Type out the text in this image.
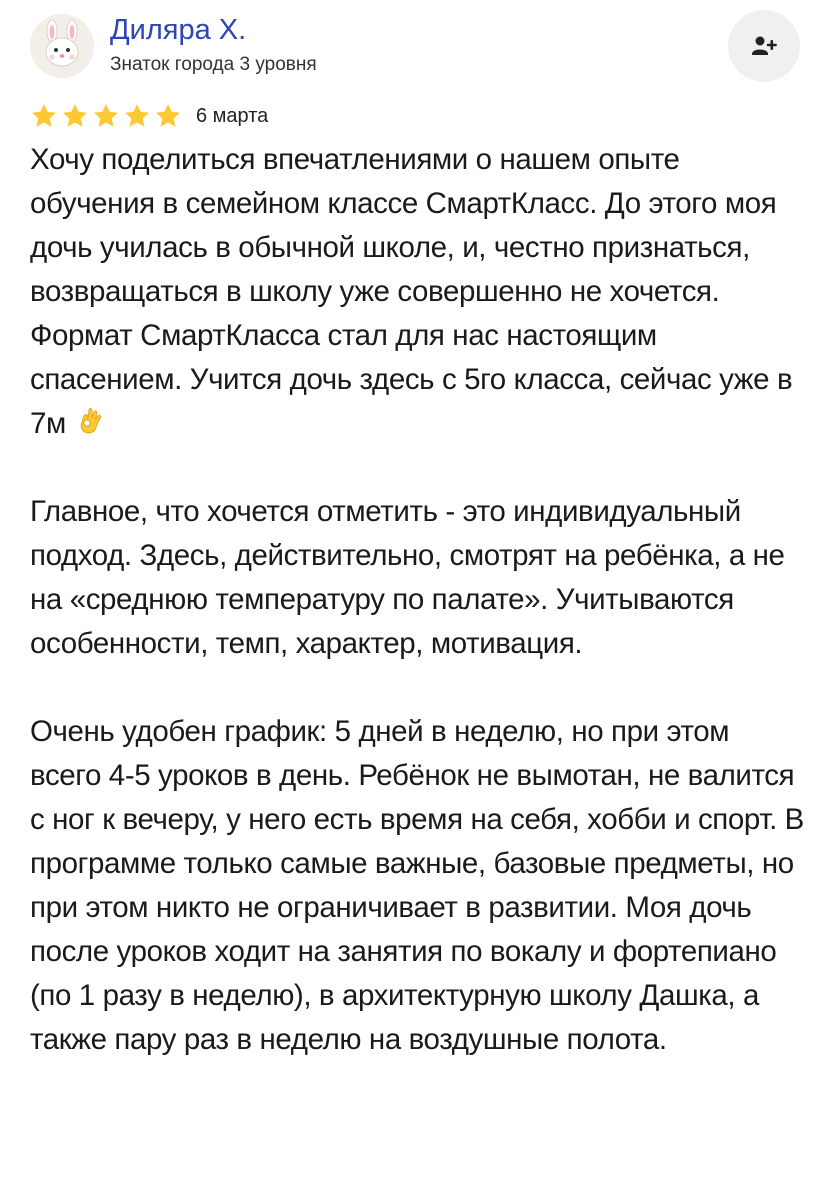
Диляра Х.
Знаток города 3 уровня
6 марта

Хочу поделиться впечатлениями о нашем опыте обучения в семейном классе СмартКласс. До этого моя дочь училась в обычной школе, и, честно признаться, возвращаться в школу уже совершенно не хочется. Формат СмартКласса стал для нас настоящим спасением. Учится дочь здесь с 5го класса, сейчас уже в 7м

Главное, что хочется отметить - это индивидуальный подход. Здесь, действительно, смотрят на ребёнка, а не на «среднюю температуру по палате». Учитываются особенности, темп, характер, мотивация.

Очень удобен график: 5 дней в неделю, но при этом всего 4-5 уроков в день. Ребёнок не вымотан, не валится с ног к вечеру, у него есть время на себя, хобби и спорт. В программе только самые важные, базовые предметы, но при этом никто не ограничивает в развитии. Моя дочь после уроков ходит на занятия по вокалу и фортепиано (по 1 разу в неделю), в архитектурную школу Дашка, а также пару раз в неделю на воздушные полота.
